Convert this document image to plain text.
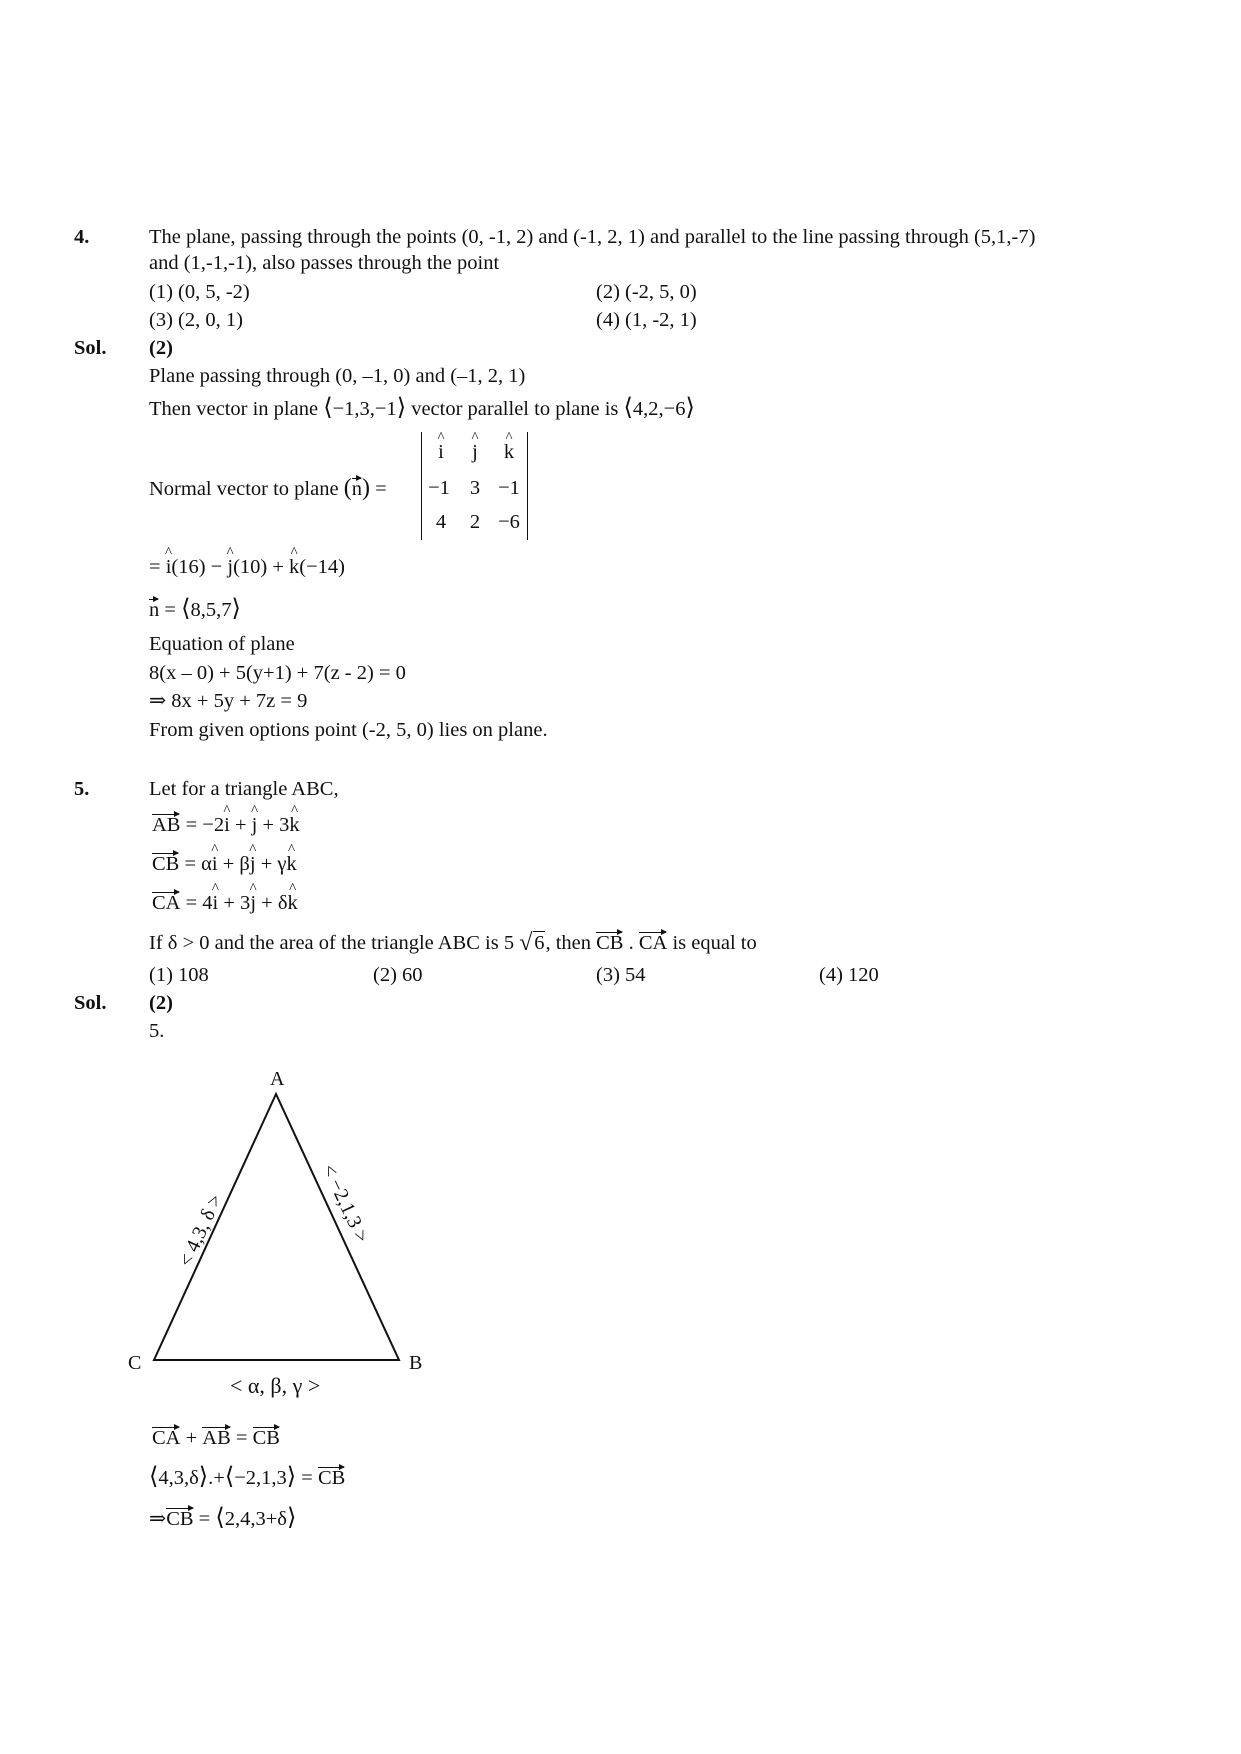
4.	The plane, passing through the points (0, -1, 2) and (-1, 2, 1) and parallel to the line passing through (5,1,-7)
and (1,-1,-1), also passes through the point
(1) (0, 5, -2)	(2) (-2, 5, 0)
(3) (2, 0, 1)	(4) (1, -2, 1)
Sol. (2)
Plane passing through (0, –1, 0) and (–1, 2, 1)
Then vector in plane ⟨−1,3,−1⟩ vector parallel to plane is ⟨4,2,−6⟩
Normal vector to plane (n) =
^ i	^ j	^ k
−1 3 −1
4	2 −6
= ^ i(16) − ^ j(10) + ^ k(−14)
n = ⟨8,5,7⟩
Equation of plane
8(x – 0) + 5(y+1) + 7(z - 2) = 0
⇒ 8x + 5y + 7z = 9
From given options point (-2, 5, 0) lies on plane.
5.	Let for a triangle ABC,
AB = −2^ i + ^ j + 3^ k
CB = α^ i + β^ j + γ^ k
CA = 4^ i + 3^ j + δ^ k
If δ > 0 and the area of the triangle ABC is 5 √ 6, then CB . CA is equal to
(1) 108	(2) 60	(3) 54	(4) 120
Sol. (2)
5.
A
B
C
< 4,3, δ >	< −2,1,3 >
< α, β, γ >
CA + AB = CB
⟨4,3,δ⟩.+⟨−2,1,3⟩ = CB
⇒CB = ⟨2,4,3+δ⟩
